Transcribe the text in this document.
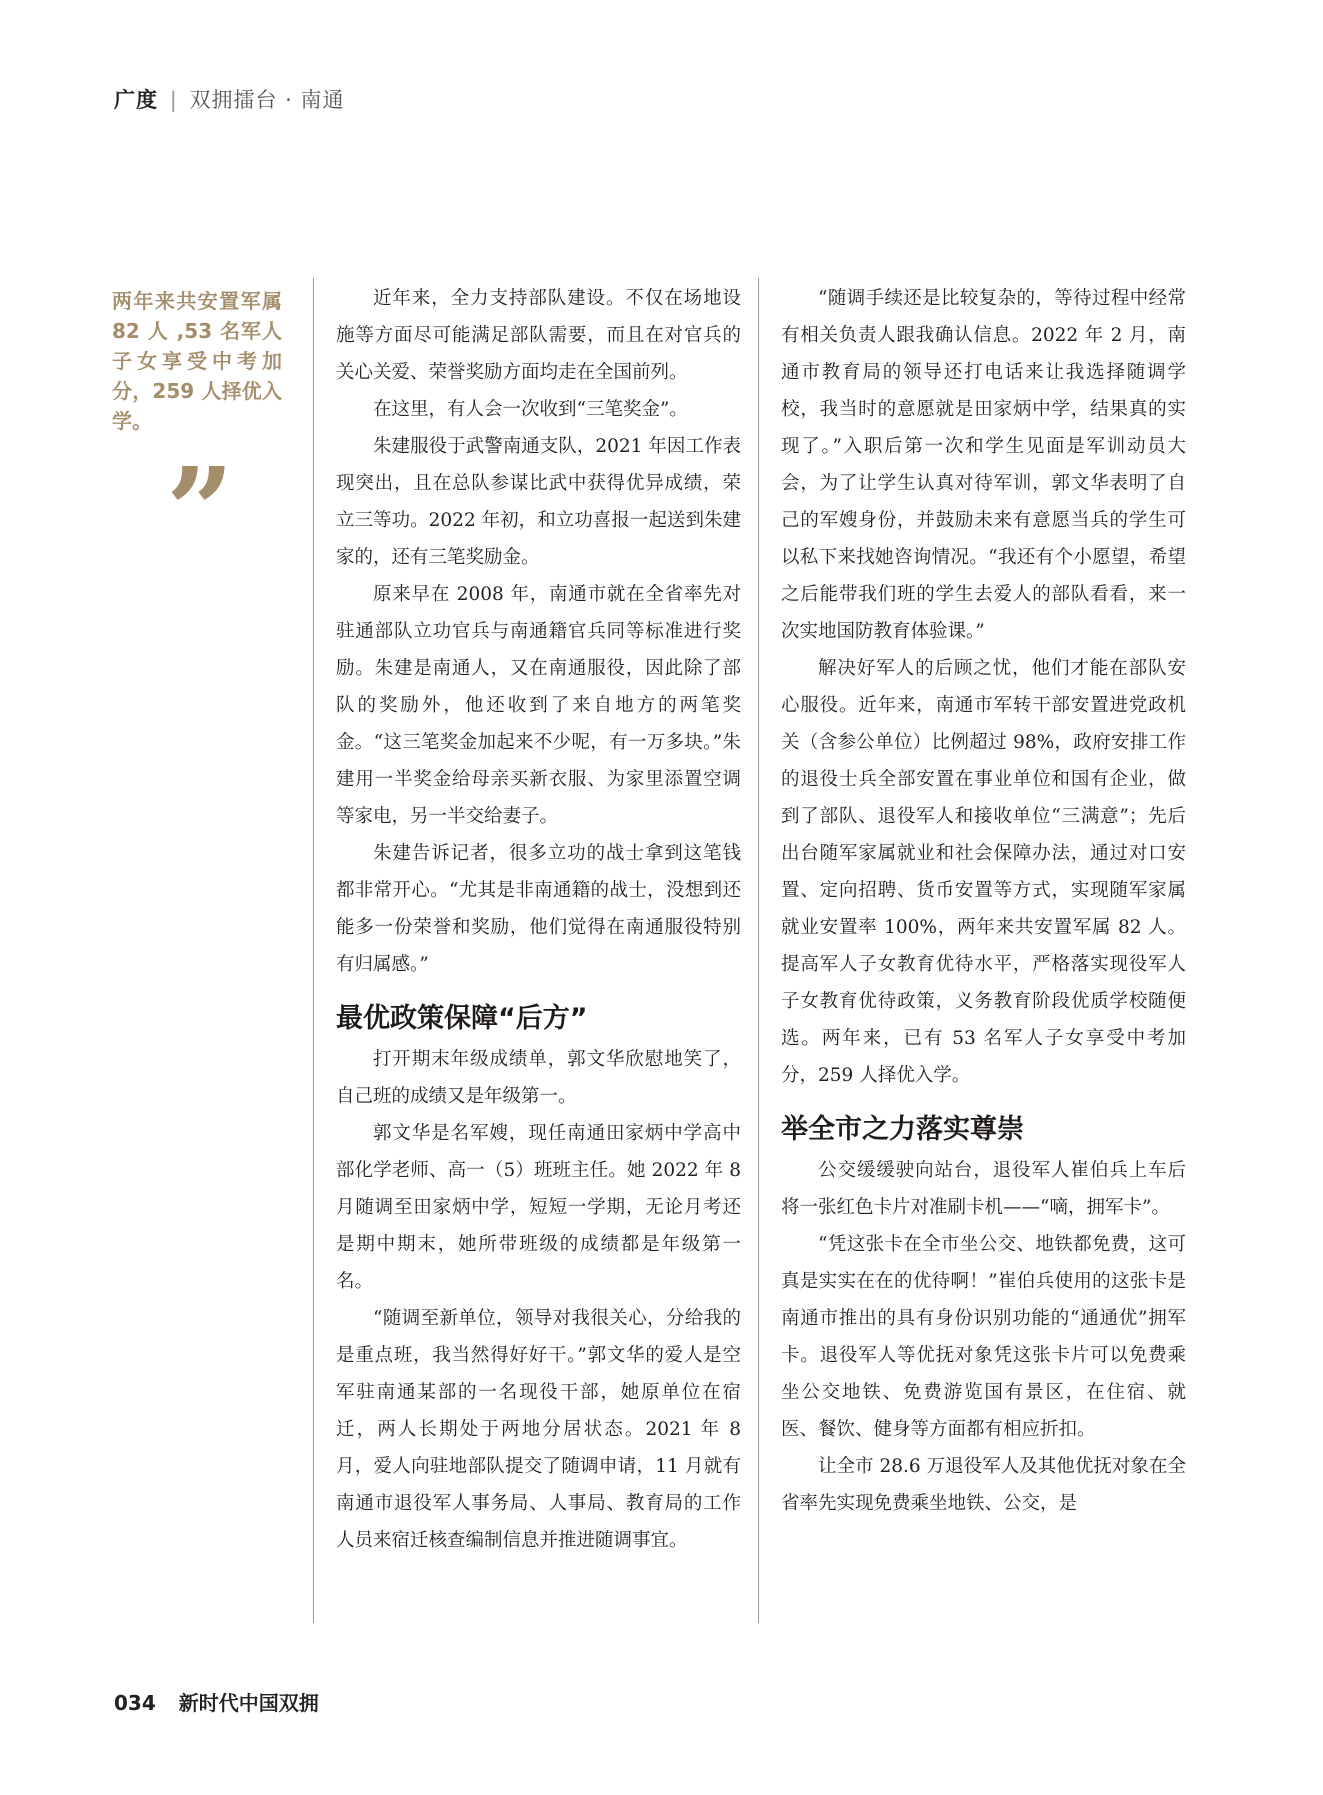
广度 | 双拥擂台 · 南通
两年来共安置军属 82 人 ,53 名军人子女享受中考加分，259 人择优入学。
”

近年来，全力支持部队建设。不仅在场地设施等方面尽可能满足部队需要，而且在对官兵的关心关爱、荣誉奖励方面均走在全国前列。

在这里，有人会一次收到“三笔奖金”。

朱建服役于武警南通支队，2021 年因工作表现突出，且在总队参谋比武中获得优异成绩，荣立三等功。2022 年初，和立功喜报一起送到朱建家的，还有三笔奖励金。

原来早在 2008 年，南通市就在全省率先对驻通部队立功官兵与南通籍官兵同等标准进行奖励。朱建是南通人，又在南通服役，因此除了部队的奖励外，他还收到了来自地方的两笔奖金。“这三笔奖金加起来不少呢，有一万多块。”朱建用一半奖金给母亲买新衣服、为家里添置空调等家电，另一半交给妻子。

朱建告诉记者，很多立功的战士拿到这笔钱都非常开心。“尤其是非南通籍的战士，没想到还能多一份荣誉和奖励，他们觉得在南通服役特别有归属感。”

最优政策保障“后方”

打开期末年级成绩单，郭文华欣慰地笑了，自己班的成绩又是年级第一。

郭文华是名军嫂，现任南通田家炳中学高中部化学老师、高一（5）班班主任。她 2022 年 8 月随调至田家炳中学，短短一学期，无论月考还是期中期末，她所带班级的成绩都是年级第一名。

“随调至新单位，领导对我很关心，分给我的是重点班，我当然得好好干。”郭文华的爱人是空军驻南通某部的一名现役干部，她原单位在宿迁，两人长期处于两地分居状态。2021 年 8 月，爱人向驻地部队提交了随调申请，11 月就有南通市退役军人事务局、人事局、教育局的工作人员来宿迁核查编制信息并推进随调事宜。

“随调手续还是比较复杂的，等待过程中经常有相关负责人跟我确认信息。2022 年 2 月，南通市教育局的领导还打电话来让我选择随调学校，我当时的意愿就是田家炳中学，结果真的实现了。”入职后第一次和学生见面是军训动员大会，为了让学生认真对待军训，郭文华表明了自己的军嫂身份，并鼓励未来有意愿当兵的学生可以私下来找她咨询情况。“我还有个小愿望，希望之后能带我们班的学生去爱人的部队看看，来一次实地国防教育体验课。”

解决好军人的后顾之忧，他们才能在部队安心服役。近年来，南通市军转干部安置进党政机关（含参公单位）比例超过 98%，政府安排工作的退役士兵全部安置在事业单位和国有企业，做到了部队、退役军人和接收单位“三满意”；先后出台随军家属就业和社会保障办法，通过对口安置、定向招聘、货币安置等方式，实现随军家属就业安置率 100%，两年来共安置军属 82 人。提高军人子女教育优待水平，严格落实现役军人子女教育优待政策，义务教育阶段优质学校随便选。两年来，已有 53 名军人子女享受中考加分，259 人择优入学。

举全市之力落实尊崇

公交缓缓驶向站台，退役军人崔伯兵上车后将一张红色卡片对准刷卡机——“嘀，拥军卡”。

“凭这张卡在全市坐公交、地铁都免费，这可真是实实在在的优待啊！”崔伯兵使用的这张卡是南通市推出的具有身份识别功能的“通通优”拥军卡。退役军人等优抚对象凭这张卡片可以免费乘坐公交地铁、免费游览国有景区，在住宿、就医、餐饮、健身等方面都有相应折扣。

让全市 28.6 万退役军人及其他优抚对象在全省率先实现免费乘坐地铁、公交，是

034 新时代中国双拥
